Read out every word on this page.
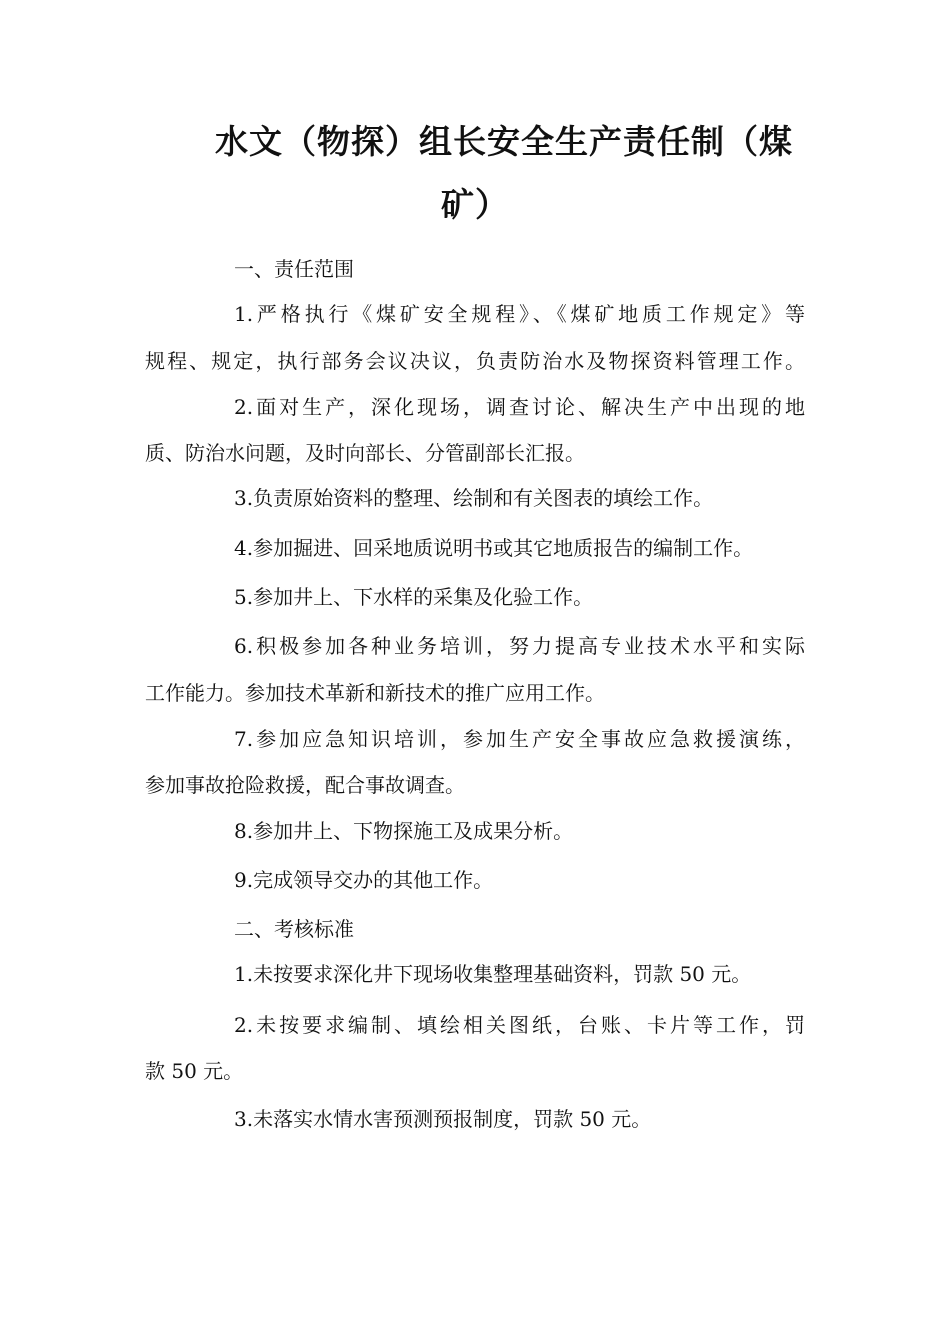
水文（物探）组长安全生产责任制（煤
矿）
一、责任范围
1.严格执行《煤矿安全规程》、《煤矿地质工作规定》等
规程、规定，执行部务会议决议，负责防治水及物探资料管理工作。
2.面对生产，深化现场，调查讨论、解决生产中出现的地
质、防治水问题，及时向部长、分管副部长汇报。
3.负责原始资料的整理、绘制和有关图表的填绘工作。
4.参加掘进、回采地质说明书或其它地质报告的编制工作。
5.参加井上、下水样的采集及化验工作。
6.积极参加各种业务培训，努力提高专业技术水平和实际
工作能力。参加技术革新和新技术的推广应用工作。
7.参加应急知识培训，参加生产安全事故应急救援演练，
参加事故抢险救援，配合事故调查。
8.参加井上、下物探施工及成果分析。
9.完成领导交办的其他工作。
二、考核标准
1.未按要求深化井下现场收集整理基础资料，罚款 50 元。
2.未按要求编制、填绘相关图纸，台账、卡片等工作，罚
款 50 元。
3.未落实水情水害预测预报制度，罚款 50 元。
